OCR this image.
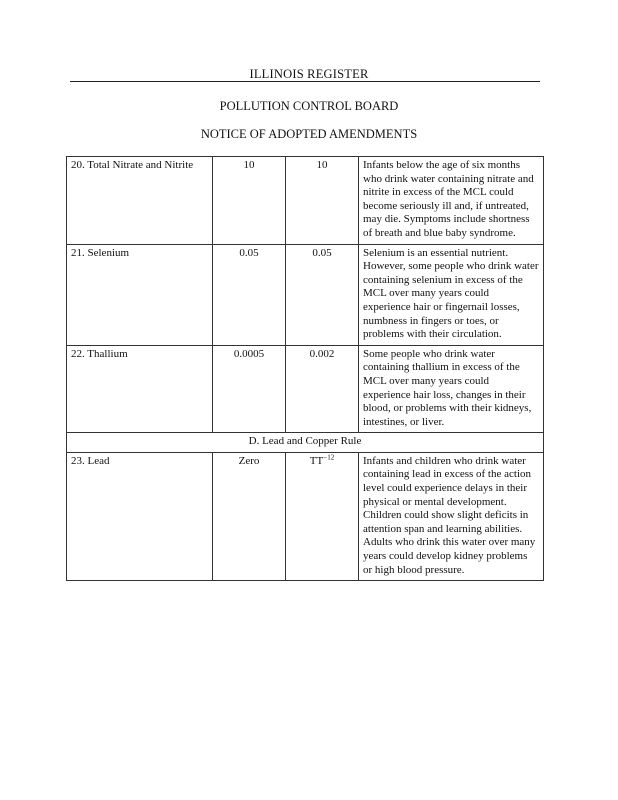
ILLINOIS REGISTER
POLLUTION CONTROL BOARD
NOTICE OF ADOPTED AMENDMENTS
20. Total Nitrate and Nitrite	10	10	Infants below the age of six months who drink water containing nitrate and nitrite in excess of the MCL could become seriously ill and, if untreated, may die. Symptoms include shortness of breath and blue baby syndrome.
21. Selenium	0.05	0.05	Selenium is an essential nutrient. However, some people who drink water containing selenium in excess of the MCL over many years could experience hair or fingernail losses, numbness in fingers or toes, or problems with their circulation.
22. Thallium	0.0005	0.002	Some people who drink water containing thallium in excess of the MCL over many years could experience hair loss, changes in their blood, or problems with their kidneys, intestines, or liver.
D. Lead and Copper Rule			
23. Lead	Zero	$TT^{-12}$	Infants and children who drink water containing lead in excess of the action level could experience delays in their physical or mental development. Children could show slight deficits in attention span and learning abilities. Adults who drink this water over many years could develop kidney problems or high blood pressure.
